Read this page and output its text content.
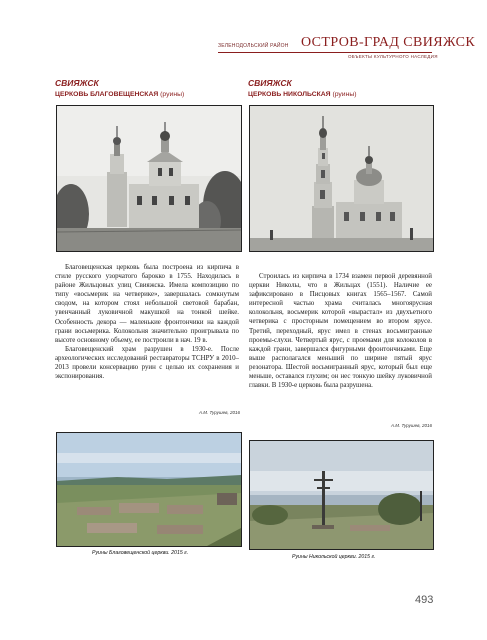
ЗЕЛЕНОДОЛЬСКИЙ РАЙОН ОСТРОВ-ГРАД СВИЯЖСК
ОБЪЕКТЫ КУЛЬТУРНОГО НАСЛЕДИЯ
СВИЯЖСК
ЦЕРКОВЬ БЛАГОВЕЩЕНСКАЯ (руины)

Благовещенская церковь была построена из кирпича в стиле русского узорчатого барокко в 1755. Находилась в районе Жильцовых улиц Свияжска. Имела композицию по типу «восьмерик на четверике», завершалась сомкнутым сводом, на котором стоял небольшой световой барабан, увенчанный луковичной макушкой на тонкой шейке. Особенность декора — маленькие фронтончики на каждой грани восьмерика. Колокольня значительно проигрывала по высоте основному объему, ее построили в нач. 19 в.

Благовещенский храм разрушен в 1930-е. После археологических исследований реставраторы ТСНРУ в 2010–2013 провели консервацию руин с целью их сохранения и экспонирования.

А.М. Турушев, 2016
СВИЯЖСК
ЦЕРКОВЬ НИКОЛЬСКАЯ (руины)

Строилась из кирпича в 1734 взамен первой деревянной церкви Николы, что в Жильцах (1551). Наличие ее зафиксировано в Писцовых книгах 1565–1567. Самой интересной частью храма считалась многоярусная колокольня, восьмерик которой «вырастал» из двухъетного четверика с просторным помещением во втором ярусе. Третий, переходный, ярус имел в стенах восьмигранные проемы-слухи. Четвертый ярус, с проемами для колоколов в каждой грани, завершался фигурными фронтончиками. Еще выше располагался меньший по ширине пятый ярус резонатора. Шестой восьмигранный ярус, который был еще меньше, оставался глухим; он нес тонкую шейку луковичной главки. В 1930-е церковь была разрушена.

А.М. Турушев, 2016
Руины Благовещенской церкви. 2015 г.
Руины Никольской церкви. 2015 г.
493
